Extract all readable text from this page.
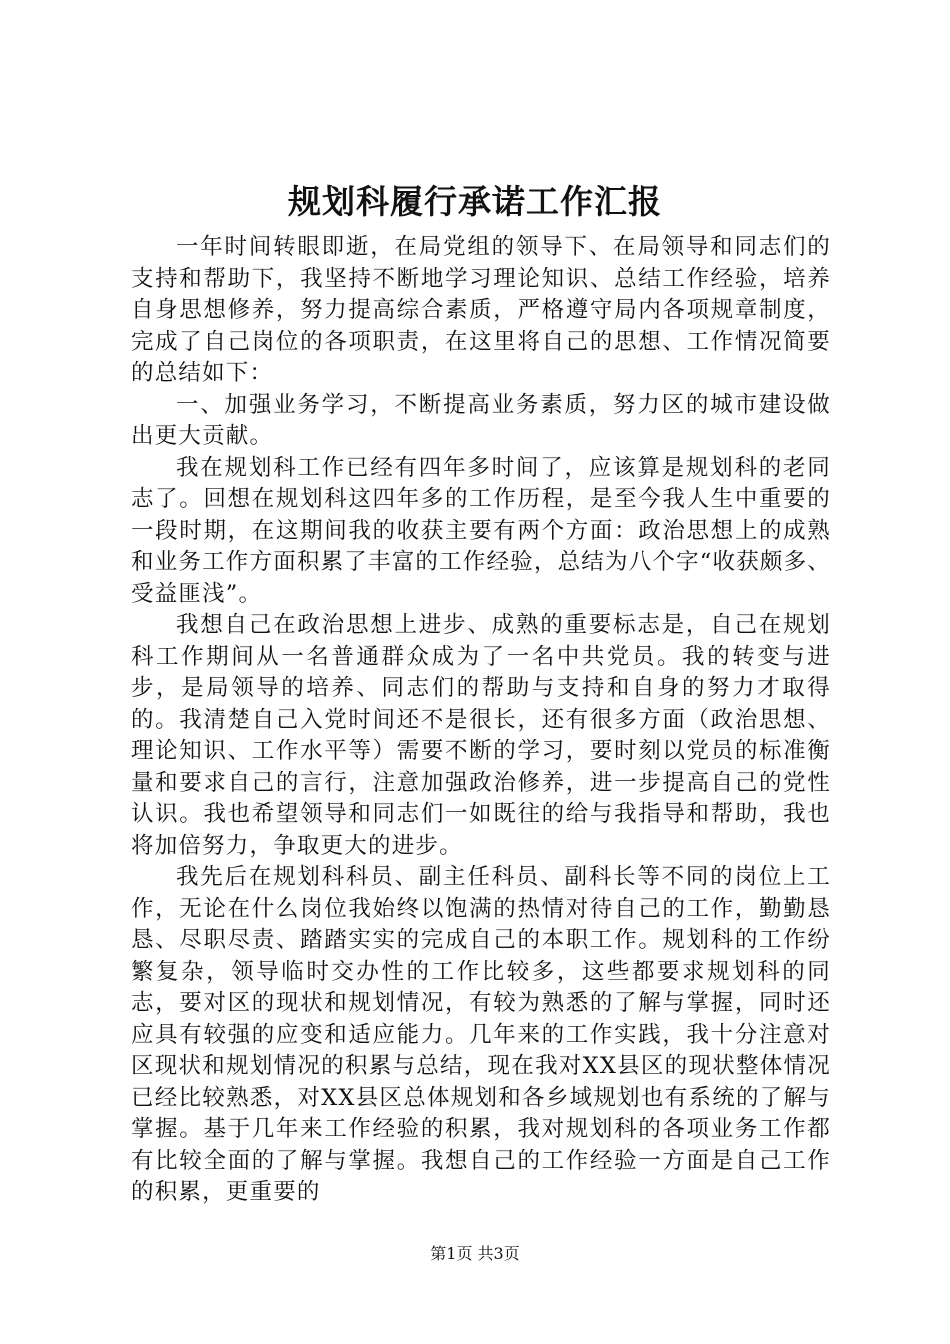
规划科履行承诺工作汇报

一年时间转眼即逝，在局党组的领导下、在局领导和同志们的支持和帮助下，我坚持不断地学习理论知识、总结工作经验，培养自身思想修养，努力提高综合素质，严格遵守局内各项规章制度，完成了自己岗位的各项职责，在这里将自己的思想、工作情况简要的总结如下：

一、加强业务学习，不断提高业务素质，努力区的城市建设做出更大贡献。

我在规划科工作已经有四年多时间了，应该算是规划科的老同志了。回想在规划科这四年多的工作历程，是至今我人生中重要的一段时期，在这期间我的收获主要有两个方面：政治思想上的成熟和业务工作方面积累了丰富的工作经验，总结为八个字“收获颇多、受益匪浅”。

我想自己在政治思想上进步、成熟的重要标志是，自己在规划科工作期间从一名普通群众成为了一名中共党员。我的转变与进步，是局领导的培养、同志们的帮助与支持和自身的努力才取得的。我清楚自己入党时间还不是很长，还有很多方面（政治思想、理论知识、工作水平等）需要不断的学习，要时刻以党员的标准衡量和要求自己的言行，注意加强政治修养，进一步提高自己的党性认识。我也希望领导和同志们一如既往的给与我指导和帮助，我也将加倍努力，争取更大的进步。

我先后在规划科科员、副主任科员、副科长等不同的岗位上工作，无论在什么岗位我始终以饱满的热情对待自己的工作，勤勤恳恳、尽职尽责、踏踏实实的完成自己的本职工作。规划科的工作纷繁复杂，领导临时交办性的工作比较多，这些都要求规划科的同志，要对区的现状和规划情况，有较为熟悉的了解与掌握，同时还应具有较强的应变和适应能力。几年来的工作实践，我十分注意对区现状和规划情况的积累与总结，现在我对XX县区的现状整体情况已经比较熟悉，对XX县区总体规划和各乡域规划也有系统的了解与掌握。基于几年来工作经验的积累，我对规划科的各项业务工作都有比较全面的了解与掌握。我想自己的工作经验一方面是自己工作的积累，更重要的

第1页 共3页
